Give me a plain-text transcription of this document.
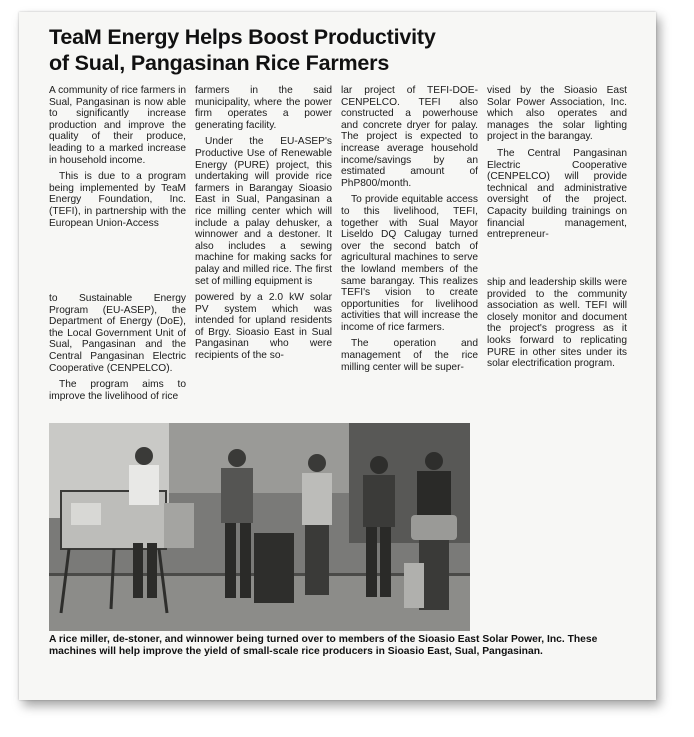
TeaM Energy Helps Boost Productivity
of Sual, Pangasinan Rice Farmers

A community of rice farmers in Sual, Pangasinan is now able to significantly increase production and improve the quality of their produce, leading to a marked increase in household income.

This is due to a program being implemented by TeaM Energy Foundation, Inc. (TEFI), in partnership with the European Union-Access

to Sustainable Energy Program (EU-ASEP), the Department of Energy (DoE), the Local Government Unit of Sual, Pangasinan and the Central Pangasinan Electric Cooperative (CENPELCO).

The program aims to improve the livelihood of rice

farmers in the said municipality, where the power firm operates a power generating facility.

Under the EU-ASEP's Productive Use of Renewable Energy (PURE) project, this undertaking will provide rice farmers in Barangay Sioasio East in Sual, Pangasinan a rice milling center which will include a palay dehusker, a winnower and a destoner. It also includes a sewing machine for making sacks for palay and milled rice. The first set of milling equipment is

powered by a 2.0 kW solar PV system which was intended for upland residents of Brgy. Sioasio East in Sual Pangasinan who were recipients of the so-

lar project of TEFI-DOE-CENPELCO. TEFI also constructed a powerhouse and concrete dryer for palay. The project is expected to increase average household income/savings by an estimated amount of PhP800/month.

To provide equitable access to this livelihood, TEFI, together with Sual Mayor Liseldo DQ Calugay turned over the second batch of agricultural machines to serve the lowland members of the same barangay. This realizes TEFI's vision to create opportunities for livelihood activities that will increase the income of rice farmers.

The operation and management of the rice milling center will be super-

vised by the Sioasio East Solar Power Association, Inc. which also operates and manages the solar lighting project in the barangay.

The Central Pangasinan Electric Cooperative (CENPELCO) will provide technical and administrative oversight of the project. Capacity building trainings on financial management, entrepreneur-

ship and leadership skills were provided to the community association as well. TEFI will closely monitor and document the project's progress as it looks forward to replicating PURE in other sites under its solar electrification program.

A rice miller, de-stoner, and winnower being turned over to members of the Sioasio East Solar Power, Inc. These machines will help improve the yield of small-scale rice producers in Sioasio East, Sual, Pangasinan.
